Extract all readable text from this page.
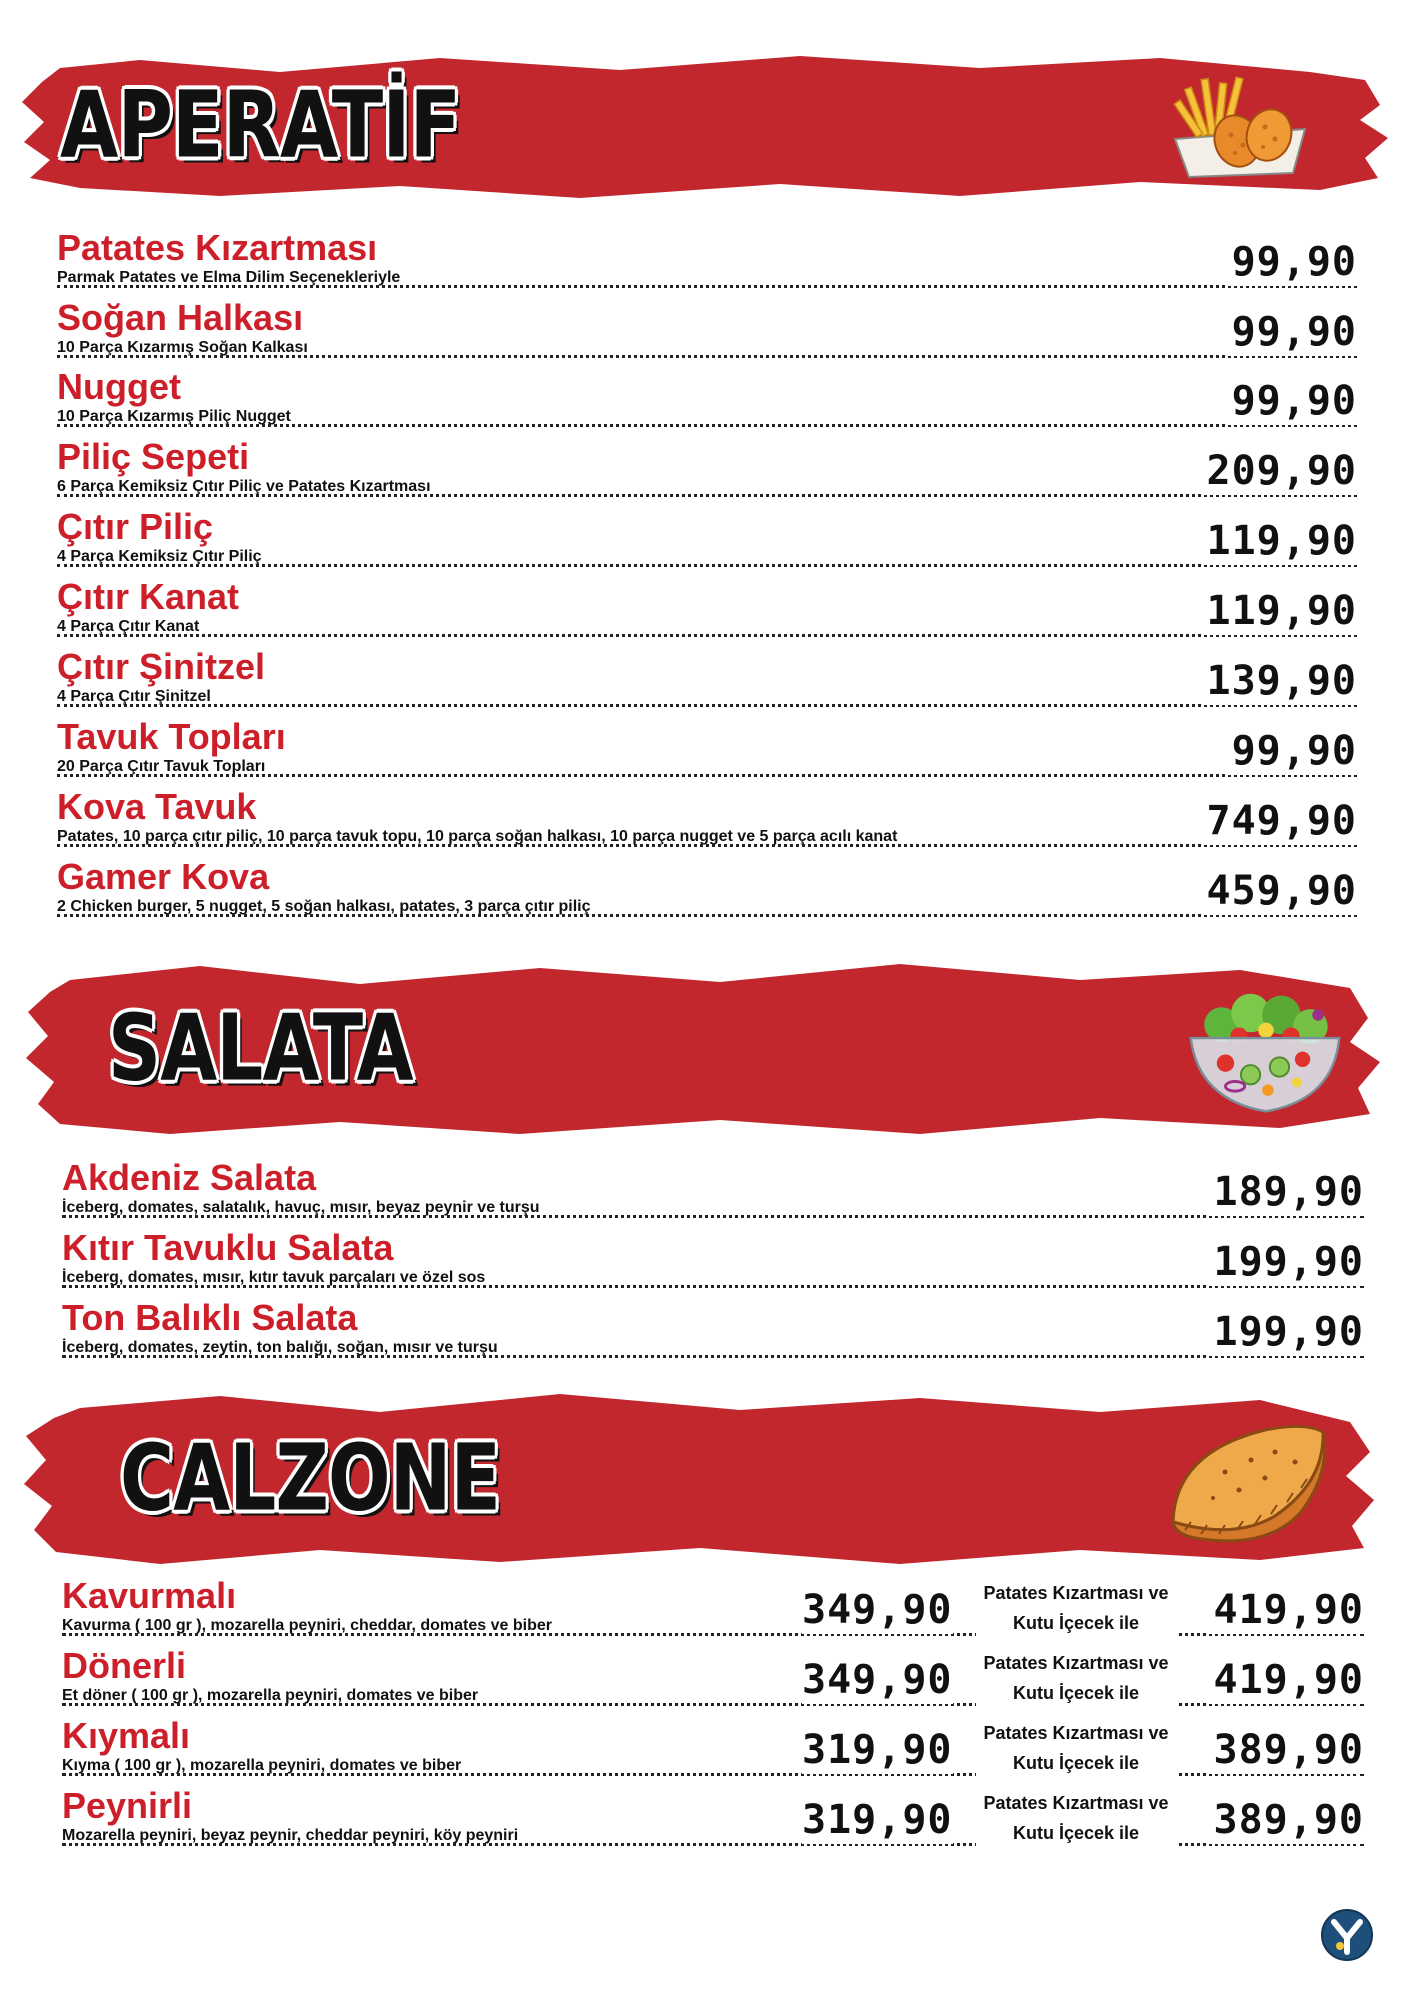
APERATİF
Patates Kızartması
Parmak Patates ve Elma Dilim Seçenekleriyle	99,90
Soğan Halkası
10 Parça Kızarmış Soğan Kalkası	99,90
Nugget
10 Parça Kızarmış Piliç Nugget	99,90
Piliç Sepeti
6 Parça Kemiksiz Çıtır Piliç ve Patates Kızartması	209,90
Çıtır Piliç
4 Parça Kemiksiz Çıtır Piliç	119,90
Çıtır Kanat
4 Parça Çıtır Kanat	119,90
Çıtır Şinitzel
4 Parça Çıtır Şinitzel	139,90
Tavuk Topları
20 Parça Çıtır Tavuk Topları	99,90
Kova Tavuk
Patates, 10 parça çıtır piliç, 10 parça tavuk topu, 10 parça soğan halkası, 10 parça nugget ve 5 parça acılı kanat	749,90
Gamer Kova
2 Chicken burger, 5 nugget, 5 soğan halkası, patates, 3 parça çıtır piliç	459,90
SALATA
Akdeniz Salata
İceberg, domates, salatalık, havuç, mısır, beyaz peynir ve turşu	189,90
Kıtır Tavuklu Salata
İceberg, domates, mısır, kıtır tavuk parçaları ve özel sos	199,90
Ton Balıklı Salata
İceberg, domates, zeytin, ton balığı, soğan, mısır ve turşu	199,90
CALZONE
Kavurmalı
Kavurma ( 100 gr ), mozarella peyniri, cheddar, domates ve biber	349,90	Patates Kızartması ve
Kutu İçecek ile	419,90
Dönerli
Et döner ( 100 gr ), mozarella peyniri, domates ve biber	349,90	Patates Kızartması ve
Kutu İçecek ile	419,90
Kıymalı
Kıyma ( 100 gr ), mozarella peyniri, domates ve biber	319,90	Patates Kızartması ve
Kutu İçecek ile	389,90
Peynirli
Mozarella peyniri, beyaz peynir, cheddar peyniri, köy peyniri	319,90	Patates Kızartması ve
Kutu İçecek ile	389,90
